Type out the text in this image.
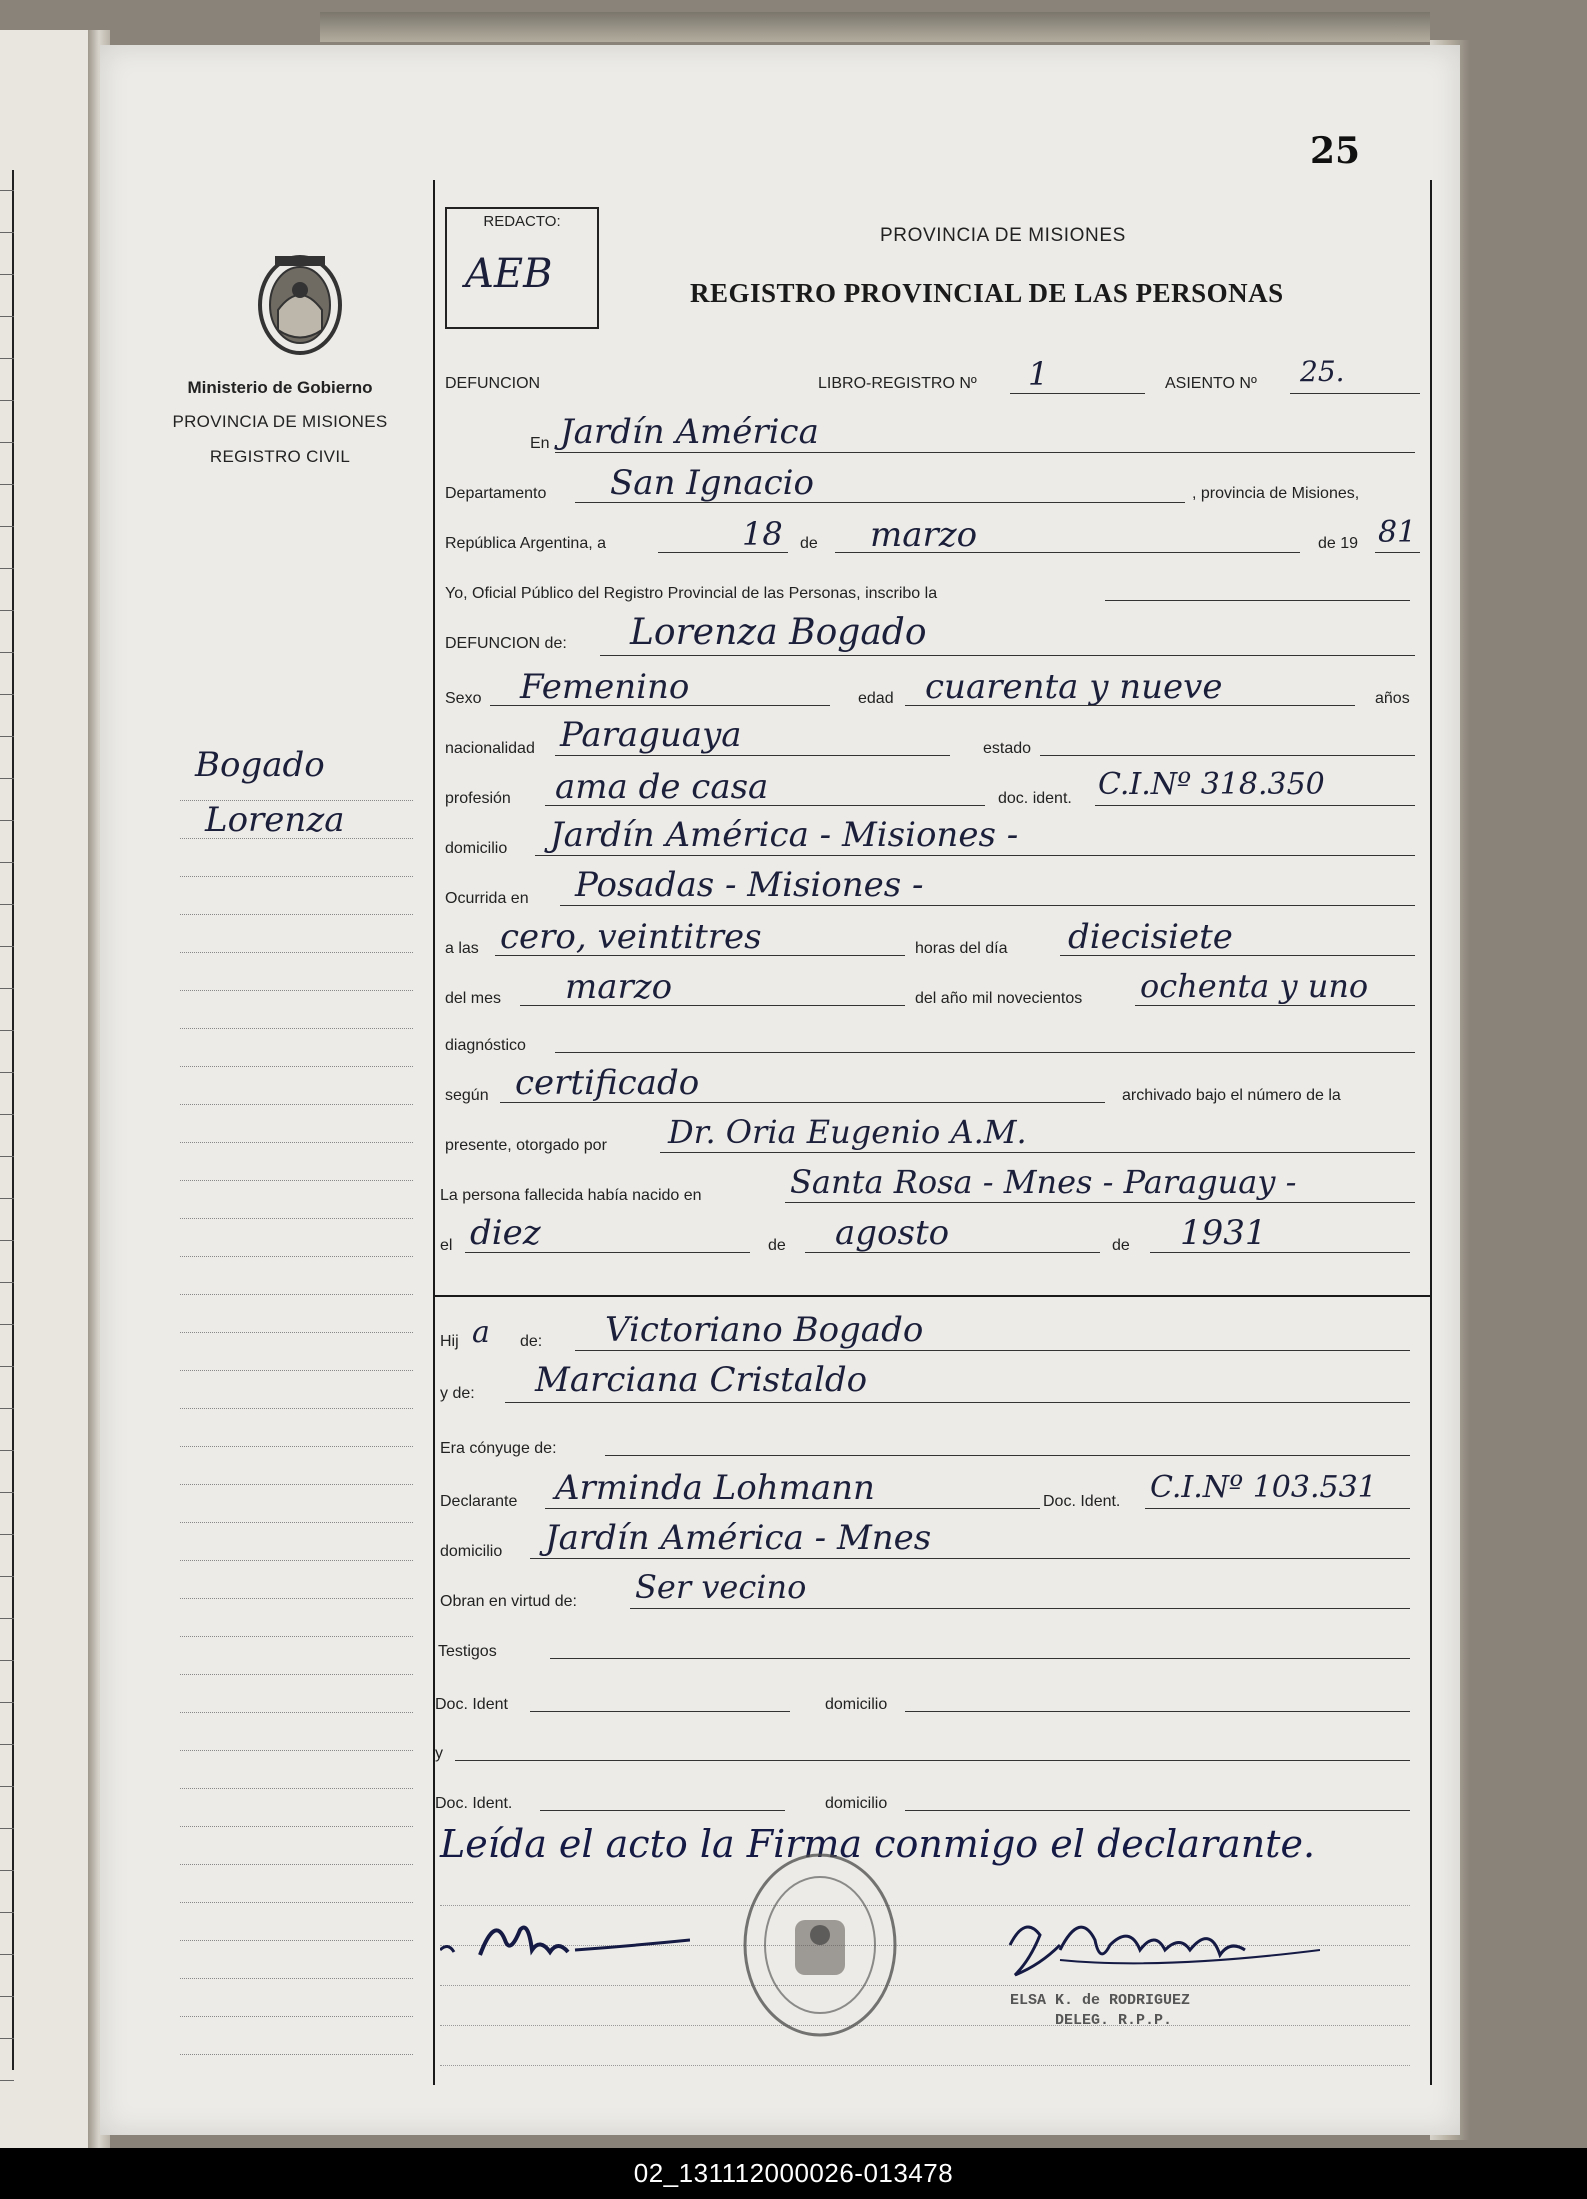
25
Ministerio de Gobierno
PROVINCIA DE MISIONES
REGISTRO CIVIL
Bogado
Lorenza
REDACTO:
AEB
PROVINCIA DE MISIONES
REGISTRO PROVINCIAL DE LAS PERSONAS
DEFUNCION	LIBRO-REGISTRO Nº 1	ASIENTO Nº 25.
En Jardín América
Departamento San Ignacio	, provincia de Misiones,
República Argentina, a	18 de marzo	de 19 81
Yo, Oficial Público del Registro Provincial de las Personas, inscribo la
DEFUNCION de: Lorenza Bogado
Sexo Femenino	edad cuarenta y nueve	años
nacionalidad Paraguaya	estado
profesión ama de casa	doc. ident. C.I.Nº 318.350
domicilio Jardín América - Misiones -
Ocurrida en Posadas - Misiones -
a las cero, veintitres	horas del día diecisiete
del mes marzo	del año mil novecientos ochenta y uno
diagnóstico
según certificado	archivado bajo el número de la
presente, otorgado por Dr. Oria Eugenio A.M.
La persona fallecida había nacido en	Santa Rosa - Mnes - Paraguay -
el diez	de agosto	de 1931
Hij a de: Victoriano Bogado
y de: Marciana Cristaldo
Era cónyuge de:
Declarante Arminda Lohmann	Doc. Ident. C.I.Nº 103.531
domicilio Jardín América - Mnes
Obran en virtud de: Ser vecino
Testigos
Doc. Ident	domicilio
y
Doc. Ident.	domicilio
Leída el acto la Firma conmigo el declarante.
ELSA K. de RODRIGUEZ
DELEG. R.P.P.
02_131112000026-013478
